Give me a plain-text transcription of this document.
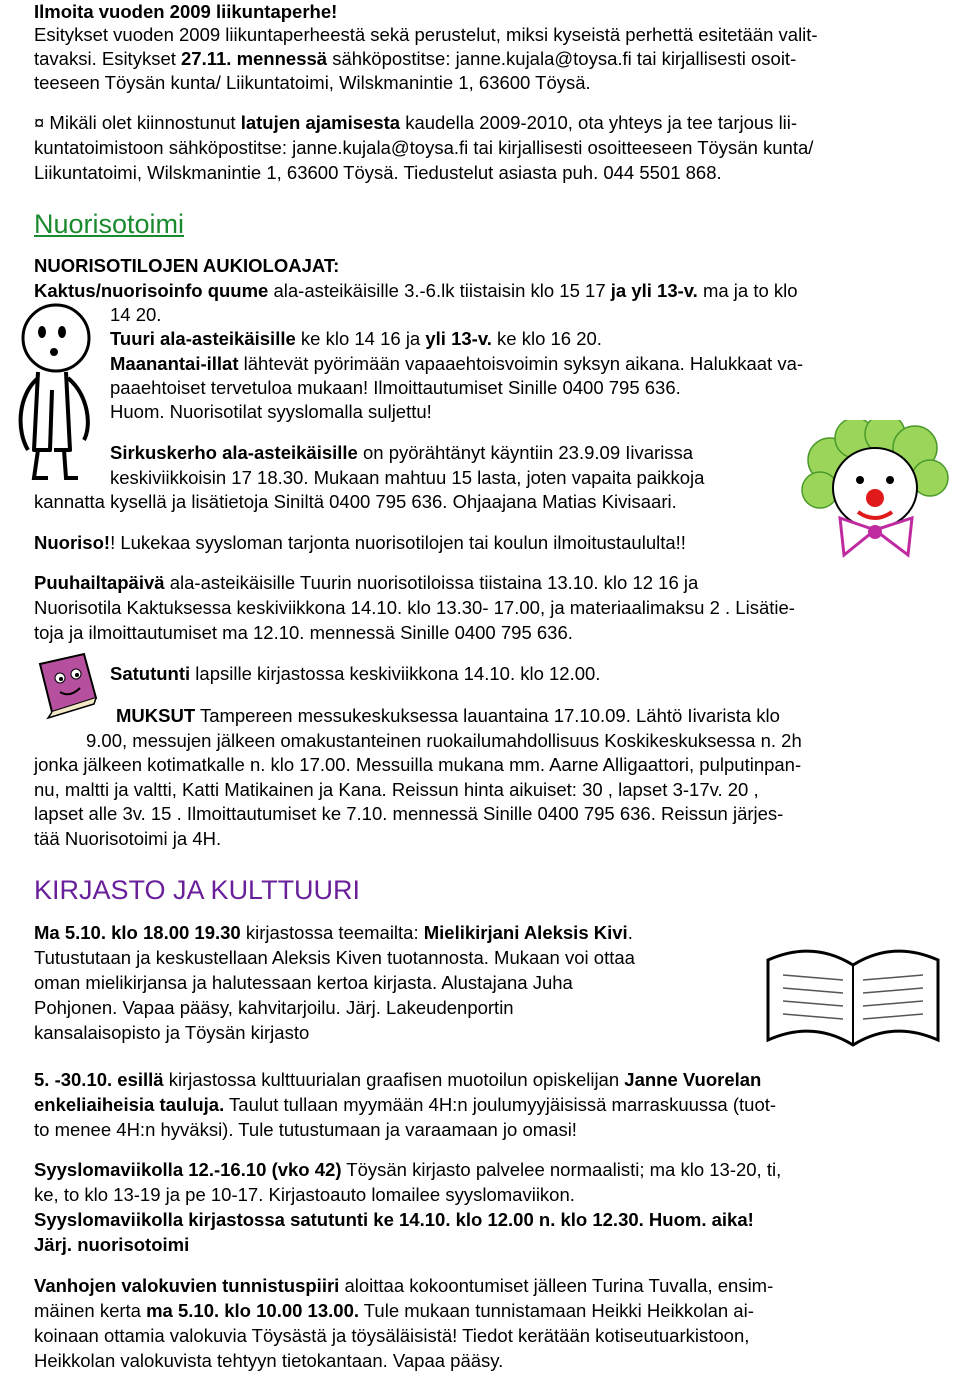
Ilmoita vuoden 2009 liikuntaperhe!
Esitykset vuoden 2009 liikuntaperheestä sekä perustelut, miksi kyseistä perhettä esitetään valit-
tavaksi. Esitykset 27.11. mennessä sähköpostitse: janne.kujala@toysa.fi tai kirjallisesti osoit-
teeseen Töysän kunta/ Liikuntatoimi, Wilskmanintie 1, 63600 Töysä.
¤ Mikäli olet kiinnostunut latujen ajamisesta kaudella 2009-2010, ota yhteys ja tee tarjous lii-
kuntatoimistoon sähköpostitse: janne.kujala@toysa.fi tai kirjallisesti osoitteeseen Töysän kunta/
Liikuntatoimi, Wilskmanintie 1, 63600 Töysä. Tiedustelut asiasta puh. 044 5501 868.
Nuorisotoimi
NUORISOTILOJEN AUKIOLOAJAT:
Kaktus/nuorisoinfo quume ala-asteikäisille 3.-6.lk tiistaisin klo 15 17 ja yli 13-v. ma ja to klo
14 20.
Tuuri ala-asteikäisille ke klo 14 16 ja yli 13-v. ke klo 16 20.
Maanantai-illat lähtevät pyörimään vapaaehtoisvoimin syksyn aikana. Halukkaat va-
paaehtoiset tervetuloa mukaan! Ilmoittautumiset Sinille 0400 795 636.
Huom. Nuorisotilat syyslomalla suljettu!
Sirkuskerho ala-asteikäisille on pyörähtänyt käyntiin 23.9.09 Iivarissa
keskiviikkoisin 17 18.30. Mukaan mahtuu 15 lasta, joten vapaita paikkoja
kannatta kysellä ja lisätietoja Siniltä 0400 795 636. Ohjaajana Matias Kivisaari.
Nuoriso!! Lukekaa syysloman tarjonta nuorisotilojen tai koulun ilmoitustaululta!!
Puuhailtapäivä ala-asteikäisille Tuurin nuorisotiloissa tiistaina 13.10. klo 12 16 ja
Nuorisotila Kaktuksessa keskiviikkona 14.10. klo 13.30- 17.00, ja materiaalimaksu 2 . Lisätie-
toja ja ilmoittautumiset ma 12.10. mennessä Sinille 0400 795 636.
Satutunti lapsille kirjastossa keskiviikkona 14.10. klo 12.00.
MUKSUT Tampereen messukeskuksessa lauantaina 17.10.09. Lähtö Iivarista klo
9.00, messujen jälkeen omakustanteinen ruokailumahdollisuus Koskikeskuksessa n. 2h
jonka jälkeen kotimatkalle n. klo 17.00. Messuilla mukana mm. Aarne Alligaattori, pulputinpan-
nu, maltti ja valtti, Katti Matikainen ja Kana. Reissun hinta aikuiset: 30 , lapset 3-17v. 20 ,
lapset alle 3v. 15 . Ilmoittautumiset ke 7.10. mennessä Sinille 0400 795 636. Reissun järjes-
tää Nuorisotoimi ja 4H.
KIRJASTO JA KULTTUURI
Ma 5.10. klo 18.00 19.30 kirjastossa teemailta: Mielikirjani Aleksis Kivi.
Tutustutaan ja keskustellaan Aleksis Kiven tuotannosta. Mukaan voi ottaa
oman mielikirjansa ja halutessaan kertoa kirjasta. Alustajana Juha
Pohjonen. Vapaa pääsy, kahvitarjoilu. Järj. Lakeudenportin
kansalaisopisto ja Töysän kirjasto
5. -30.10. esillä kirjastossa kulttuurialan graafisen muotoilun opiskelijan Janne Vuorelan
enkeliaiheisia tauluja. Taulut tullaan myymään 4H:n joulumyyjäisissä marraskuussa (tuot-
to menee 4H:n hyväksi). Tule tutustumaan ja varaamaan jo omasi!
Syyslomaviikolla 12.-16.10 (vko 42) Töysän kirjasto palvelee normaalisti; ma klo 13-20, ti,
ke, to klo 13-19 ja pe 10-17. Kirjastoauto lomailee syyslomaviikon.
Syyslomaviikolla kirjastossa satutunti ke 14.10. klo 12.00 n. klo 12.30. Huom. aika!
Järj. nuorisotoimi
Vanhojen valokuvien tunnistuspiiri aloittaa kokoontumiset jälleen Turina Tuvalla, ensim-
mäinen kerta ma 5.10. klo 10.00 13.00. Tule mukaan tunnistamaan Heikki Heikkolan ai-
koinaan ottamia valokuvia Töysästä ja töysäläisistä! Tiedot kerätään kotiseutuarkistoon,
Heikkolan valokuvista tehtyyn tietokantaan. Vapaa pääsy.
